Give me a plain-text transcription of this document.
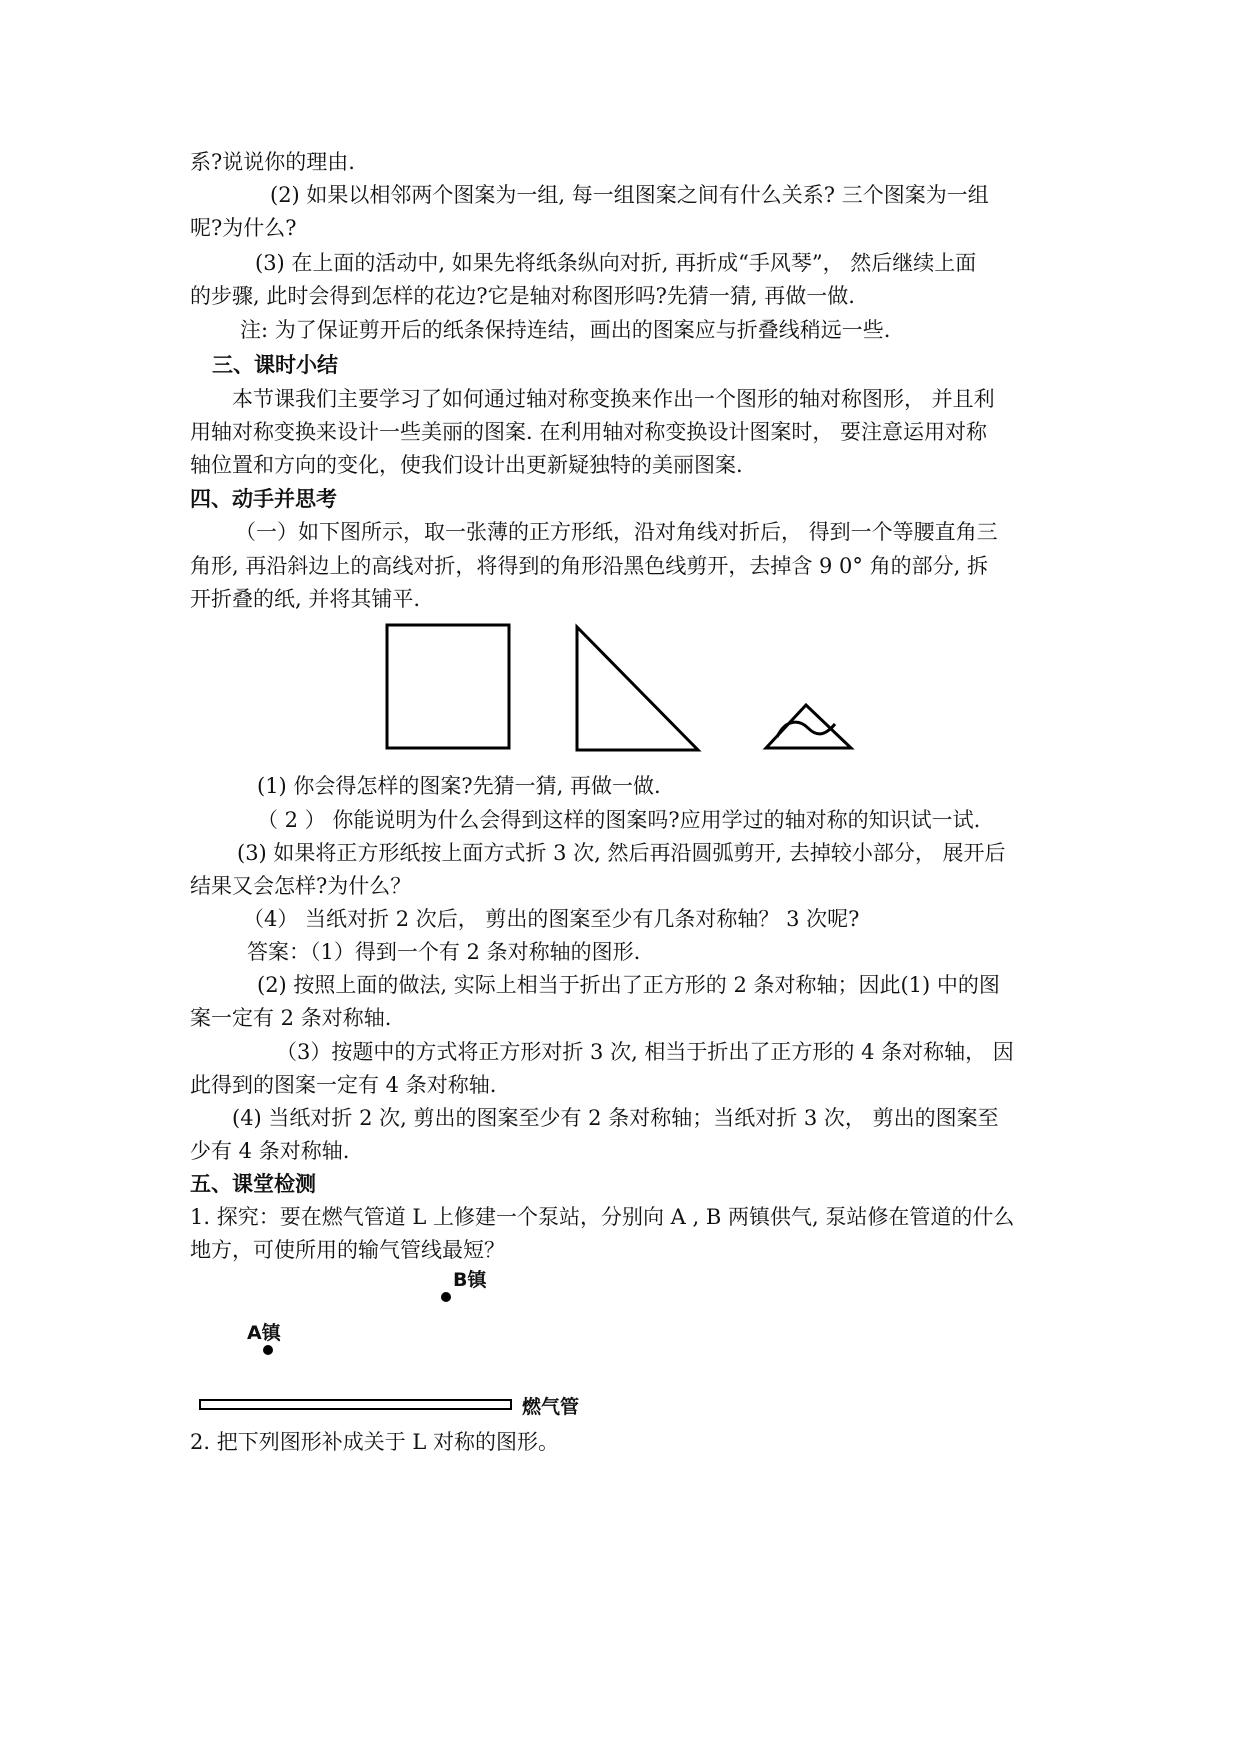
系?说说你的理由.
(2) 如果以相邻两个图案为一组, 每一组图案之间有什么关系? 三个图案为一组
呢?为什么?
(3) 在上面的活动中, 如果先将纸条纵向对折, 再折成“手风琴”， 然后继续上面
的步骤, 此时会得到怎样的花边?它是轴对称图形吗?先猜一猜, 再做一做.
注: 为了保证剪开后的纸条保持连结，画出的图案应与折叠线稍远一些.
三、课时小结
本节课我们主要学习了如何通过轴对称变换来作出一个图形的轴对称图形， 并且利
用轴对称变换来设计一些美丽的图案. 在利用轴对称变换设计图案时， 要注意运用对称
轴位置和方向的变化，使我们设计出更新疑独特的美丽图案.
四、动手并思考
（一）如下图所示，取一张薄的正方形纸，沿对角线对折后， 得到一个等腰直角三
角形, 再沿斜边上的高线对折，将得到的角形沿黑色线剪开，去掉含 9 0° 角的部分, 拆
开折叠的纸, 并将其铺平.
(1) 你会得怎样的图案?先猜一猜, 再做一做.
（ 2 ） 你能说明为什么会得到这样的图案吗?应用学过的轴对称的知识试一试.
(3) 如果将正方形纸按上面方式折 3 次, 然后再沿圆弧剪开, 去掉较小部分， 展开后
结果又会怎样?为什么？
（4） 当纸对折 2 次后， 剪出的图案至少有几条对称轴？ 3 次呢?
答案：（1）得到一个有 2 条对称轴的图形.
(2) 按照上面的做法, 实际上相当于折出了正方形的 2 条对称轴；因此(1) 中的图
案一定有 2 条对称轴.
（3）按题中的方式将正方形对折 3 次, 相当于折出了正方形的 4 条对称轴， 因
此得到的图案一定有 4 条对称轴.
(4) 当纸对折 2 次, 剪出的图案至少有 2 条对称轴；当纸对折 3 次， 剪出的图案至
少有 4 条对称轴.
五、课堂检测
1. 探究：要在燃气管道 L 上修建一个泵站，分别向 A , B 两镇供气, 泵站修在管道的什么
地方，可使所用的输气管线最短？
B镇
A镇
燃气管
2. 把下列图形补成关于 L 对称的图形。
